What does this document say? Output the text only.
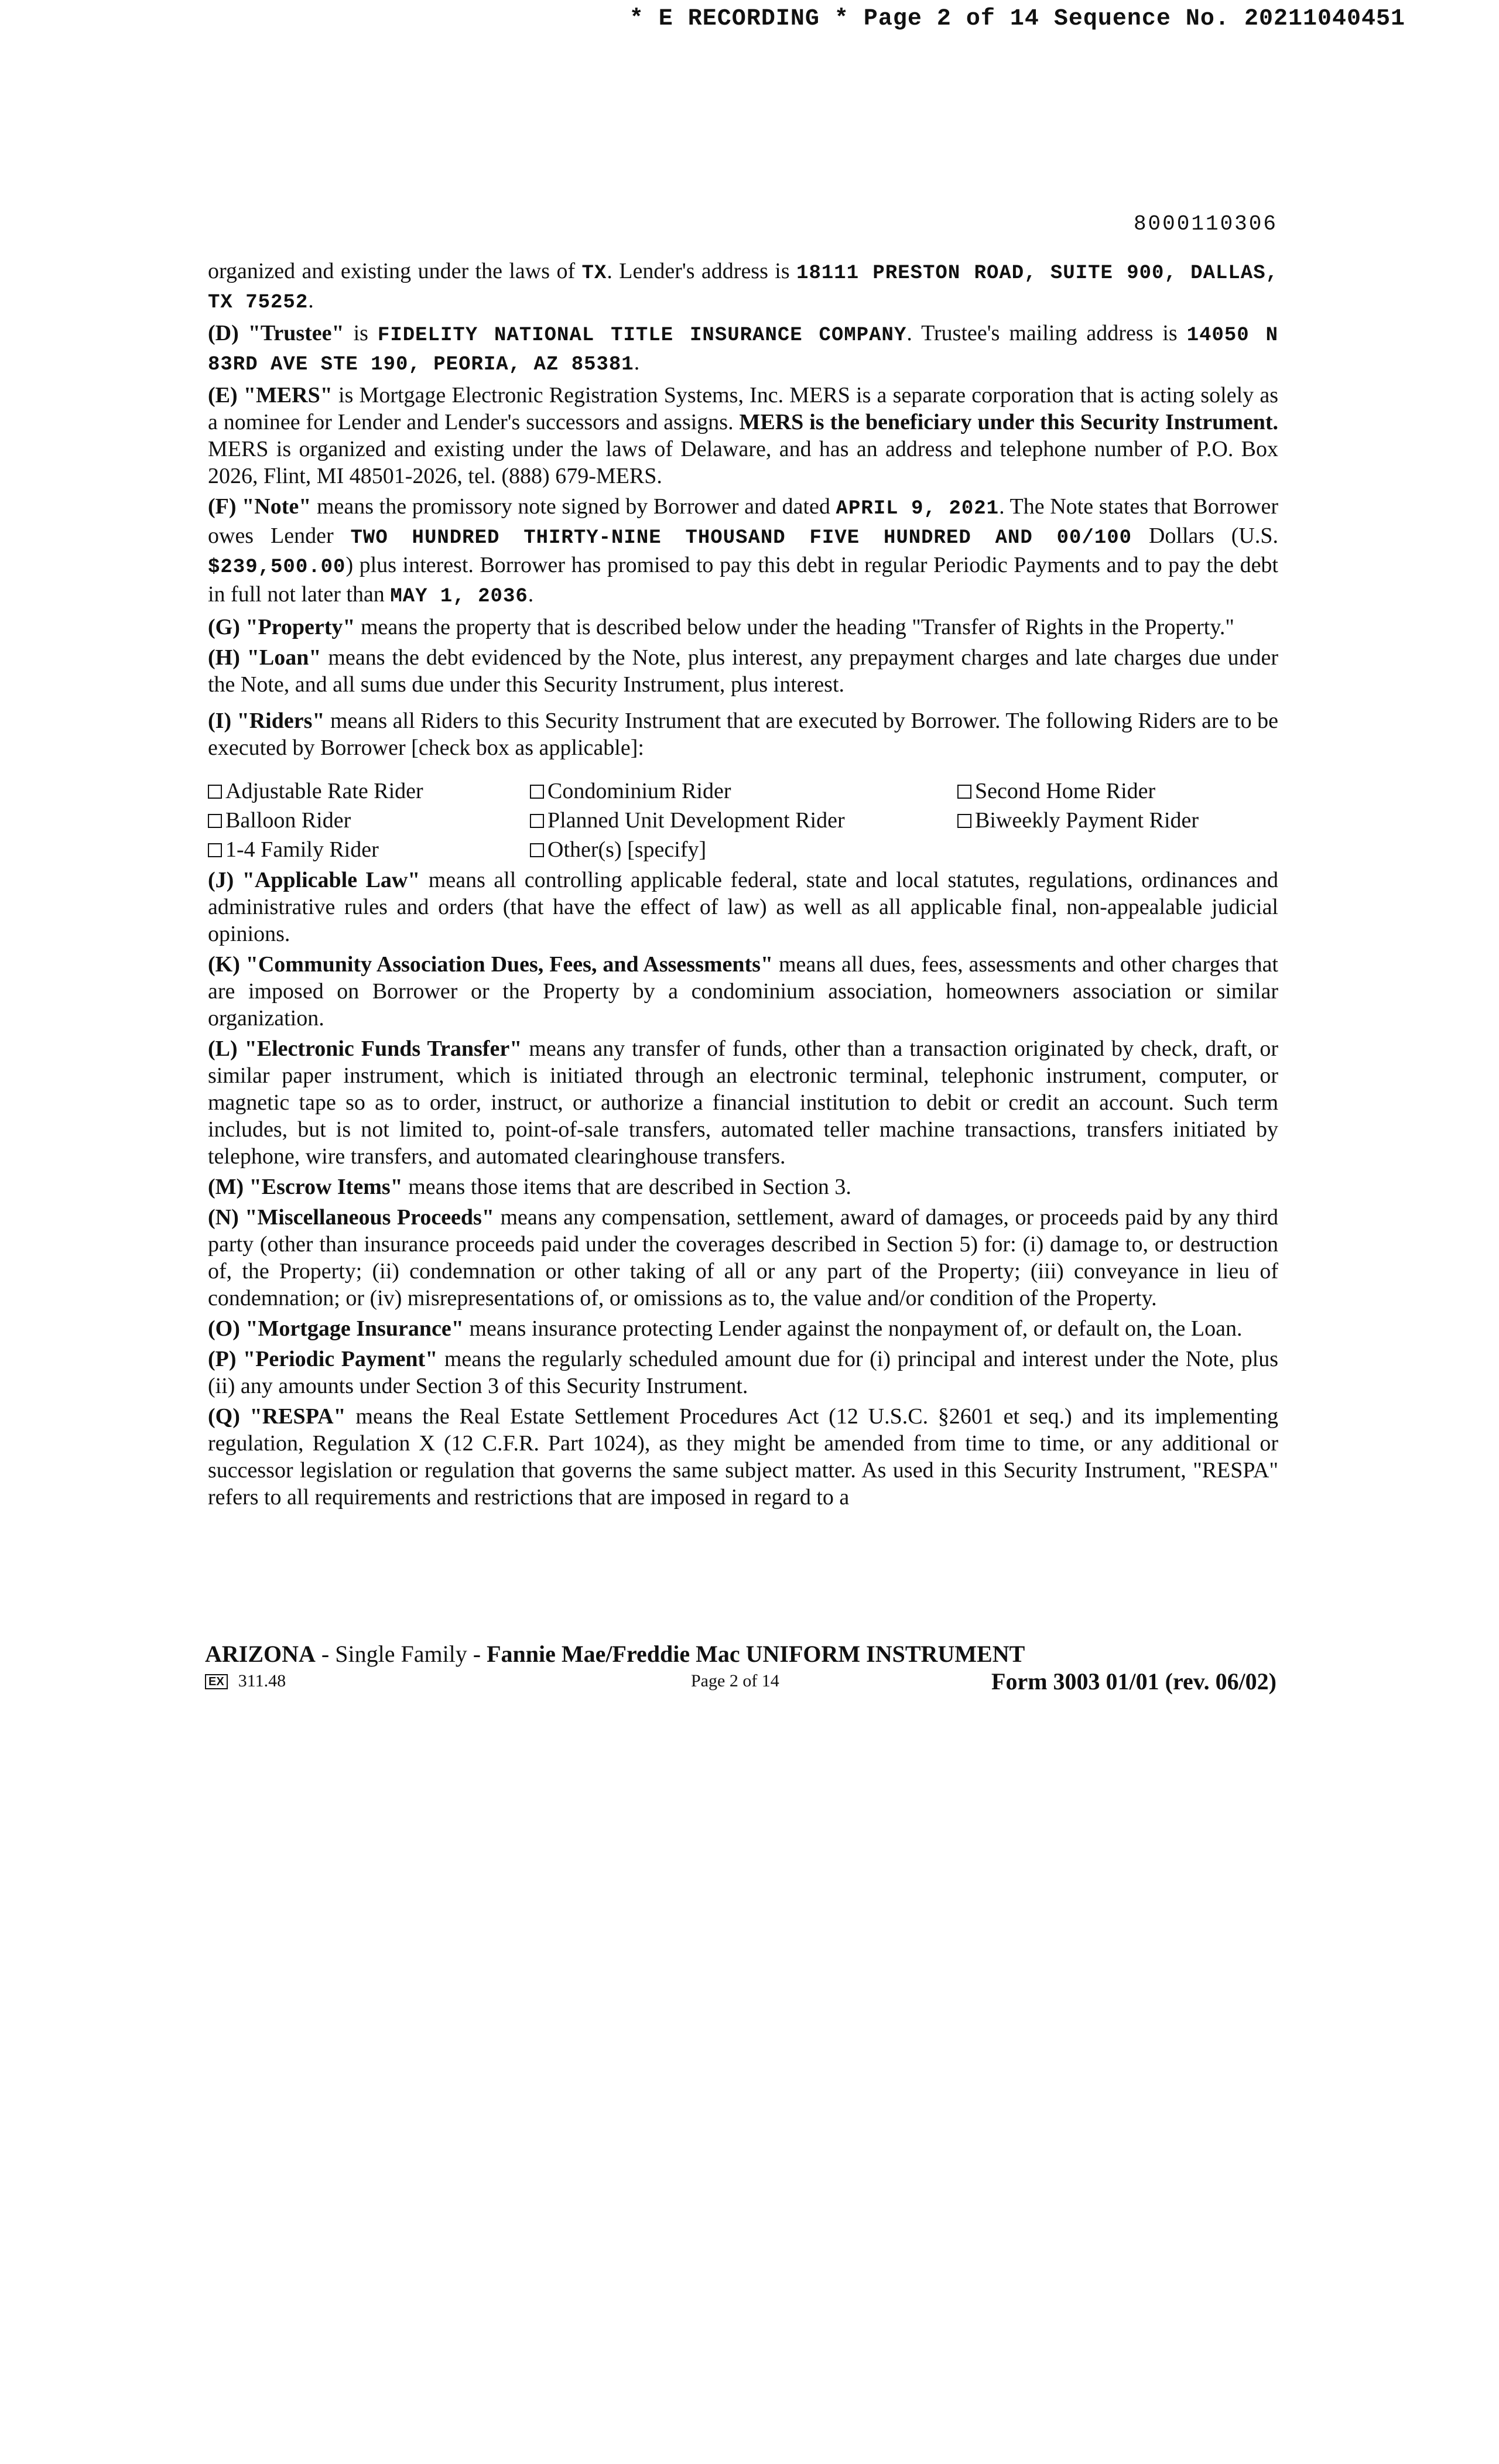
* E RECORDING * Page 2 of 14 Sequence No. 20211040451
8000110306

organized and existing under the laws of TX. Lender's address is 18111 PRESTON ROAD, SUITE 900, DALLAS, TX 75252.

(D) "Trustee" is FIDELITY NATIONAL TITLE INSURANCE COMPANY. Trustee's mailing address is 14050 N 83RD AVE STE 190, PEORIA, AZ 85381.

(E) "MERS" is Mortgage Electronic Registration Systems, Inc. MERS is a separate corporation that is acting solely as a nominee for Lender and Lender's successors and assigns. MERS is the beneficiary under this Security Instrument. MERS is organized and existing under the laws of Delaware, and has an address and telephone number of P.O. Box 2026, Flint, MI 48501-2026, tel. (888) 679-MERS.

(F) "Note" means the promissory note signed by Borrower and dated APRIL 9, 2021. The Note states that Borrower owes Lender TWO HUNDRED THIRTY-NINE THOUSAND FIVE HUNDRED AND 00/100 Dollars (U.S. $239,500.00) plus interest. Borrower has promised to pay this debt in regular Periodic Payments and to pay the debt in full not later than MAY 1, 2036.

(G) "Property" means the property that is described below under the heading "Transfer of Rights in the Property."

(H) "Loan" means the debt evidenced by the Note, plus interest, any prepayment charges and late charges due under the Note, and all sums due under this Security Instrument, plus interest.

(I) "Riders" means all Riders to this Security Instrument that are executed by Borrower. The following Riders are to be executed by Borrower [check box as applicable]:

Adjustable Rate Rider	Condominium Rider	Second Home Rider
Balloon Rider	Planned Unit Development Rider	Biweekly Payment Rider
1-4 Family Rider	Other(s) [specify]

(J) "Applicable Law" means all controlling applicable federal, state and local statutes, regulations, ordinances and administrative rules and orders (that have the effect of law) as well as all applicable final, non-appealable judicial opinions.

(K) "Community Association Dues, Fees, and Assessments" means all dues, fees, assessments and other charges that are imposed on Borrower or the Property by a condominium association, homeowners association or similar organization.

(L) "Electronic Funds Transfer" means any transfer of funds, other than a transaction originated by check, draft, or similar paper instrument, which is initiated through an electronic terminal, telephonic instrument, computer, or magnetic tape so as to order, instruct, or authorize a financial institution to debit or credit an account. Such term includes, but is not limited to, point-of-sale transfers, automated teller machine transactions, transfers initiated by telephone, wire transfers, and automated clearinghouse transfers.

(M) "Escrow Items" means those items that are described in Section 3.

(N) "Miscellaneous Proceeds" means any compensation, settlement, award of damages, or proceeds paid by any third party (other than insurance proceeds paid under the coverages described in Section 5) for: (i) damage to, or destruction of, the Property; (ii) condemnation or other taking of all or any part of the Property; (iii) conveyance in lieu of condemnation; or (iv) misrepresentations of, or omissions as to, the value and/or condition of the Property.

(O) "Mortgage Insurance" means insurance protecting Lender against the nonpayment of, or default on, the Loan.

(P) "Periodic Payment" means the regularly scheduled amount due for (i) principal and interest under the Note, plus (ii) any amounts under Section 3 of this Security Instrument.

(Q) "RESPA" means the Real Estate Settlement Procedures Act (12 U.S.C. §2601 et seq.) and its implementing regulation, Regulation X (12 C.F.R. Part 1024), as they might be amended from time to time, or any additional or successor legislation or regulation that governs the same subject matter. As used in this Security Instrument, "RESPA" refers to all requirements and restrictions that are imposed in regard to a

ARIZONA - Single Family - Fannie Mae/Freddie Mac UNIFORM INSTRUMENT
EX 311.48	Page 2 of 14	Form 3003 01/01 (rev. 06/02)
